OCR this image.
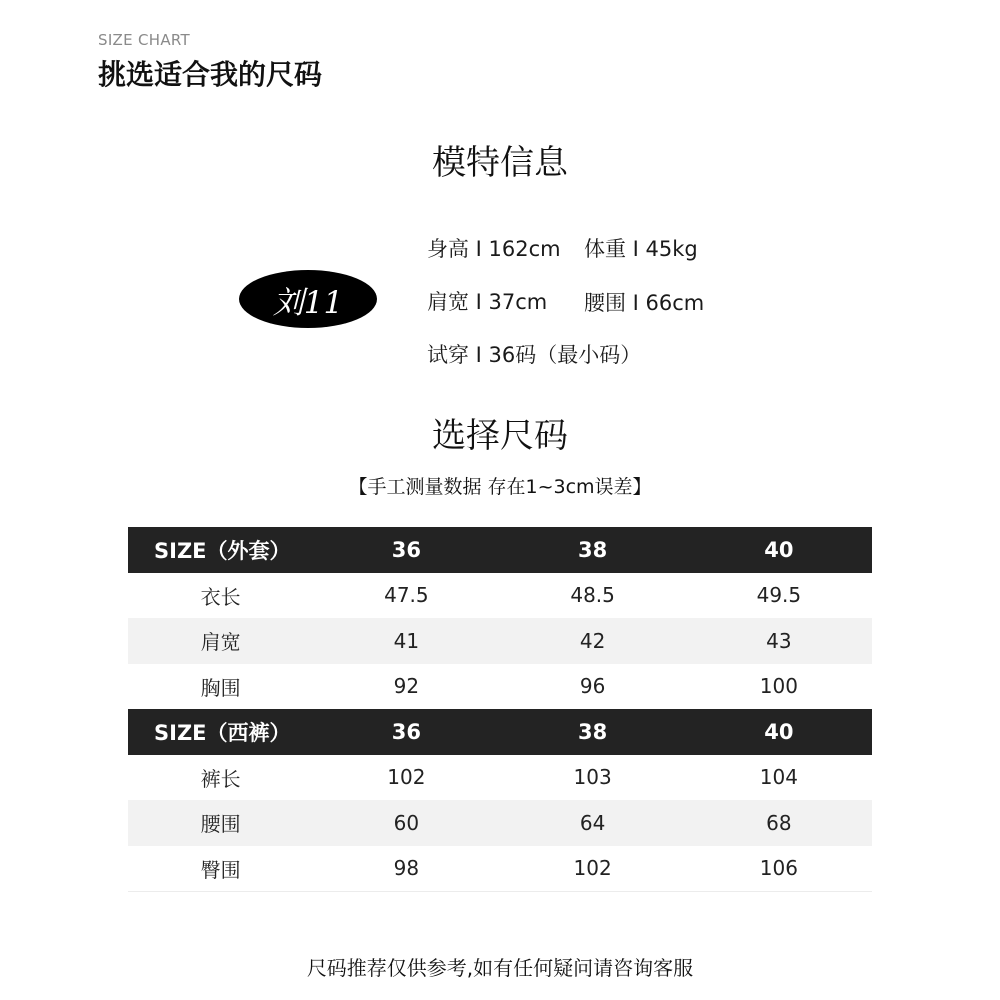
SIZE CHART
挑选适合我的尺码
模特信息
刘11
身高 I 162cm 体重 I 45kg
肩宽 I 37cm 腰围 I 66cm
试穿 I 36码（最小码）
选择尺码
【手工测量数据 存在1~3cm误差】
SIZE（外套）	36	38	40
衣长	47.5	48.5	49.5
肩宽	41	42	43
胸围	92	96	100
SIZE（西裤）	36	38	40
裤长	102	103	104
腰围	60	64	68
臀围	98	102	106
尺码推荐仅供参考,如有任何疑问请咨询客服
